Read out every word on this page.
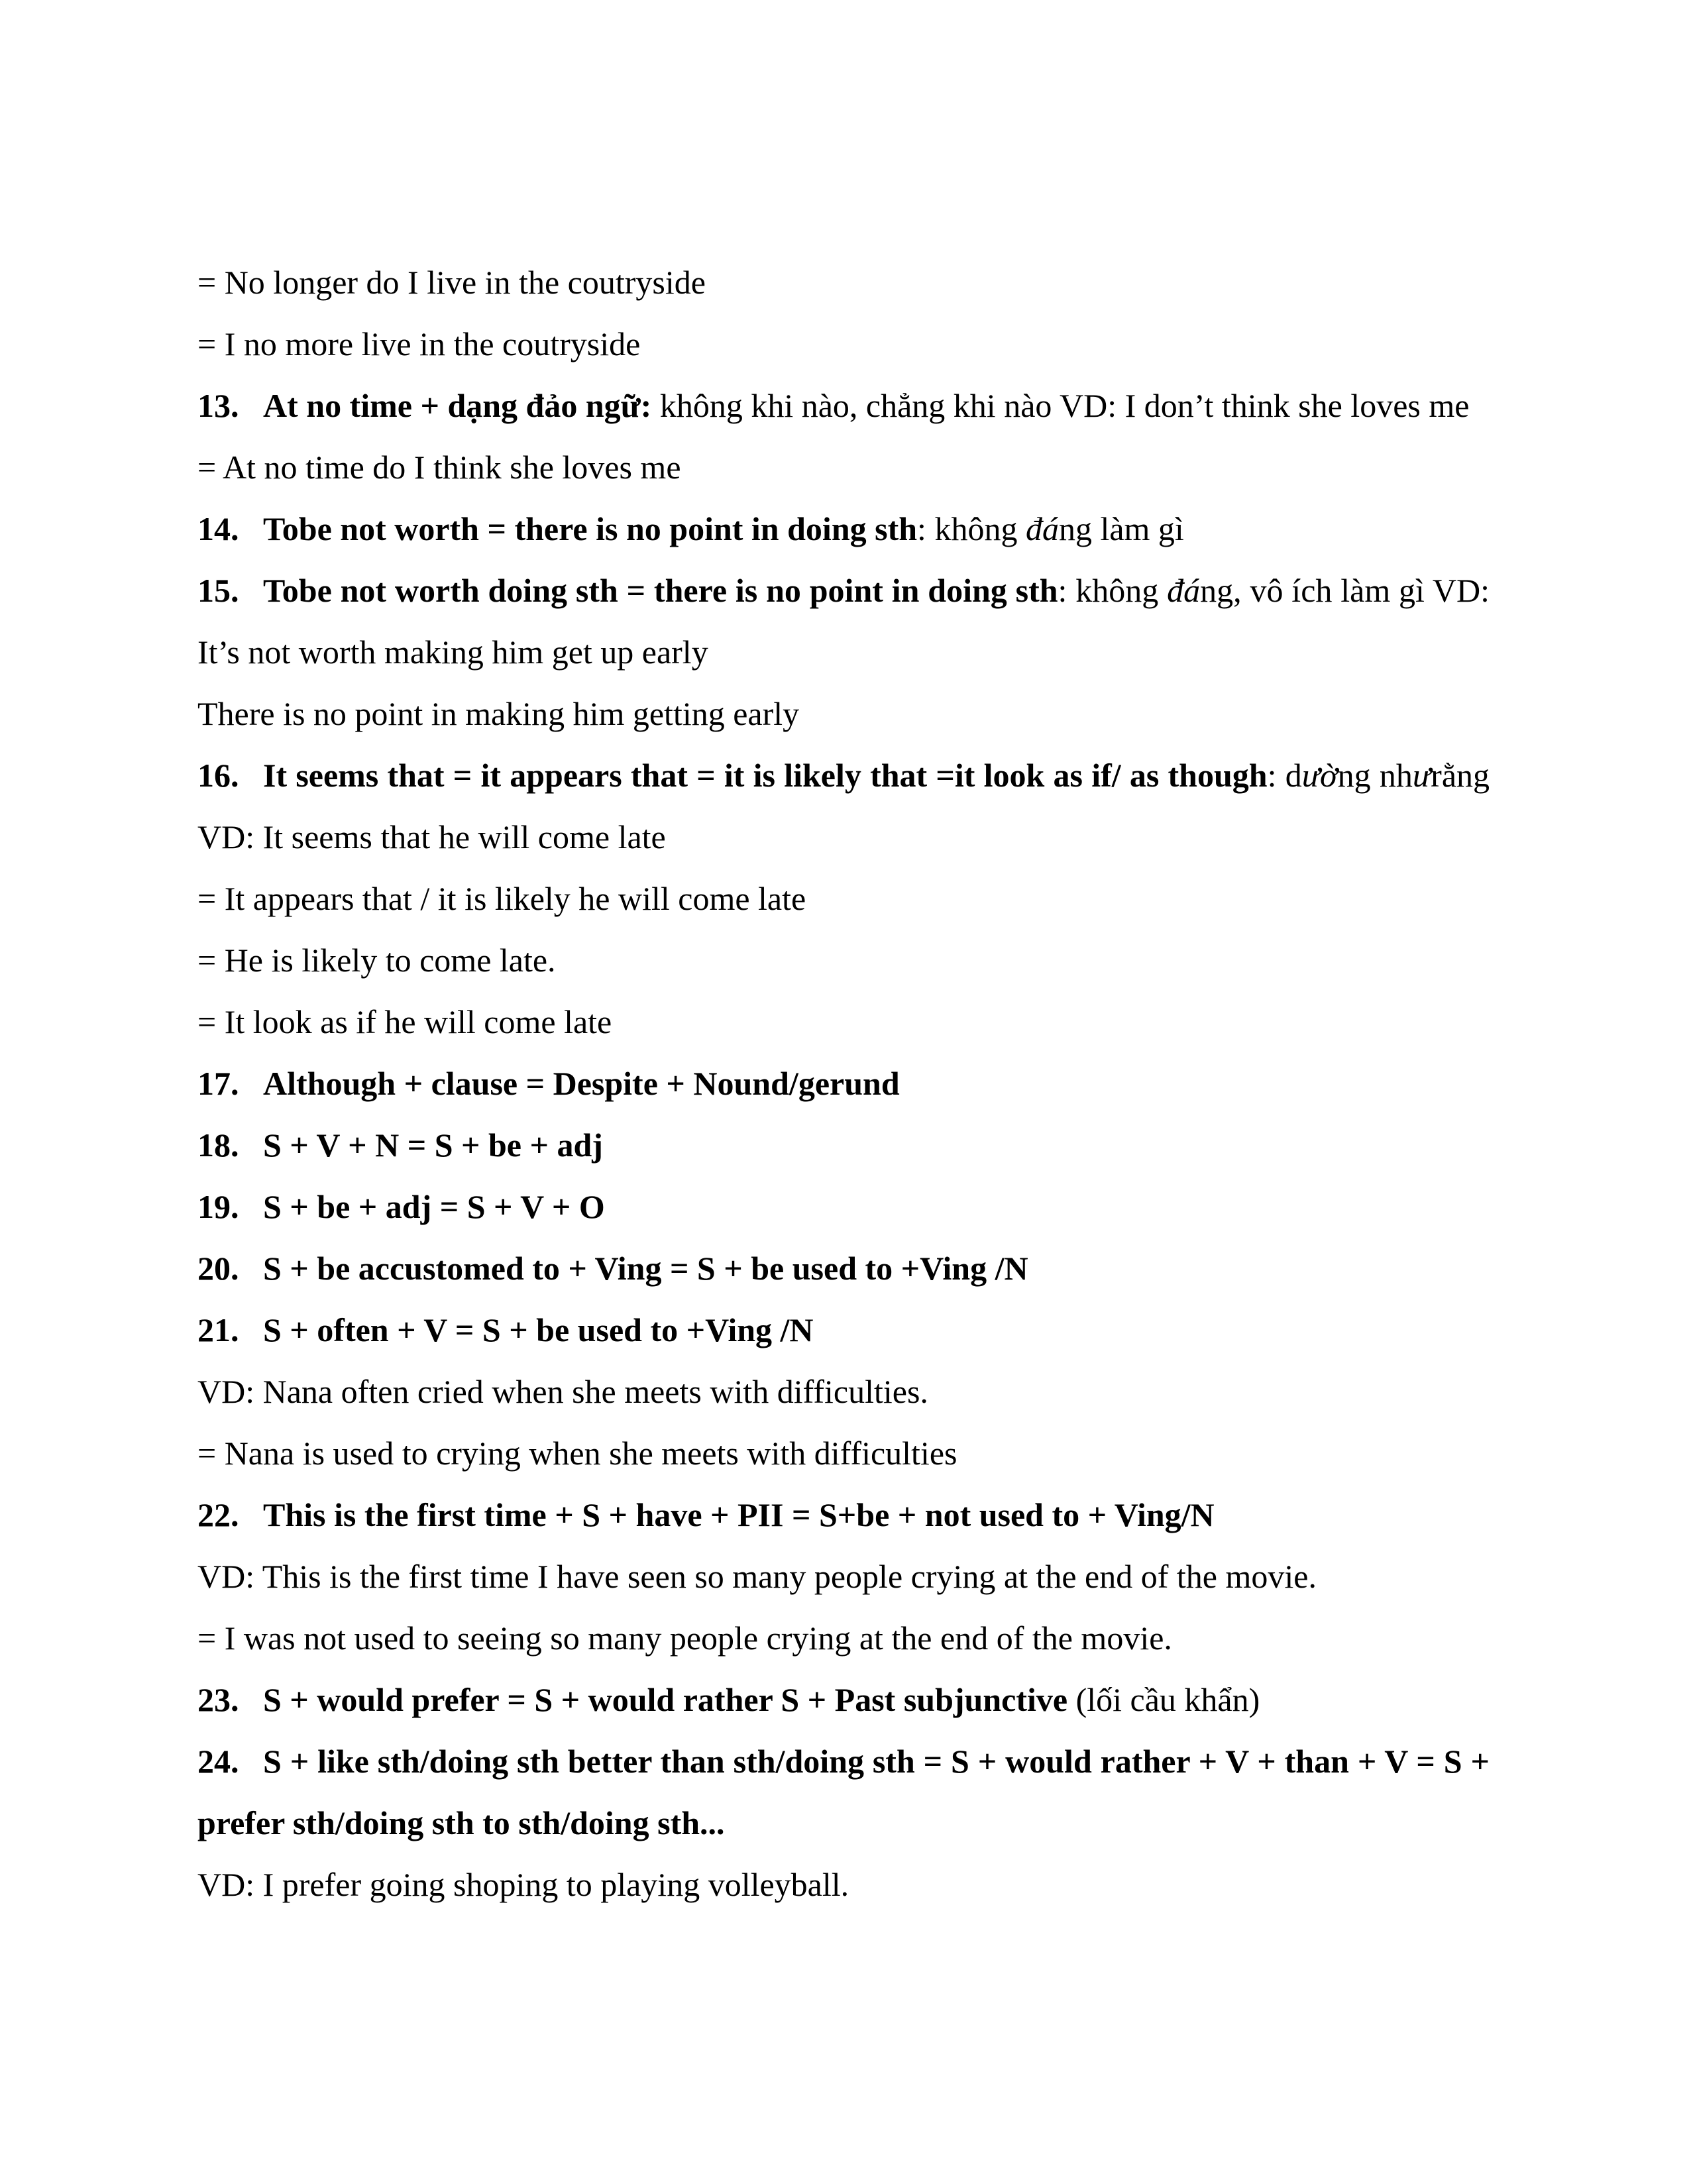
= No longer do I live in the coutryside
= I no more live in the coutryside
13. At no time + dạng đảo ngữ: không khi nào, chẳng khi nào VD: I don’t think she loves me
= At no time do I think she loves me
14. Tobe not worth = there is no point in doing sth: không đáng làm gì
15. Tobe not worth doing sth = there is no point in doing sth: không đáng, vô ích làm gì VD: It’s not worth making him get up early
There is no point in making him getting early
16. It seems that = it appears that = it is likely that =it look as if/ as though: dường nhưrằng VD: It seems that he will come late
= It appears that / it is likely he will come late
= He is likely to come late.
= It look as if he will come late
17. Although + clause = Despite + Nound/gerund
18. S + V + N = S + be + adj
19. S + be + adj = S + V + O
20. S + be accustomed to + Ving = S + be used to +Ving /N
21. S + often + V = S + be used to +Ving /N
VD: Nana often cried when she meets with difficulties.
= Nana is used to crying when she meets with difficulties
22. This is the first time + S + have + PII = S+be + not used to + Ving/N
VD: This is the first time I have seen so many people crying at the end of the movie.
= I was not used to seeing so many people crying at the end of the movie.
23. S + would prefer = S + would rather S + Past subjunctive (lối cầu khẩn)
24. S + like sth/doing sth better than sth/doing sth = S + would rather + V + than + V = S + prefer sth/doing sth to sth/doing sth...
VD: I prefer going shoping to playing volleyball.
